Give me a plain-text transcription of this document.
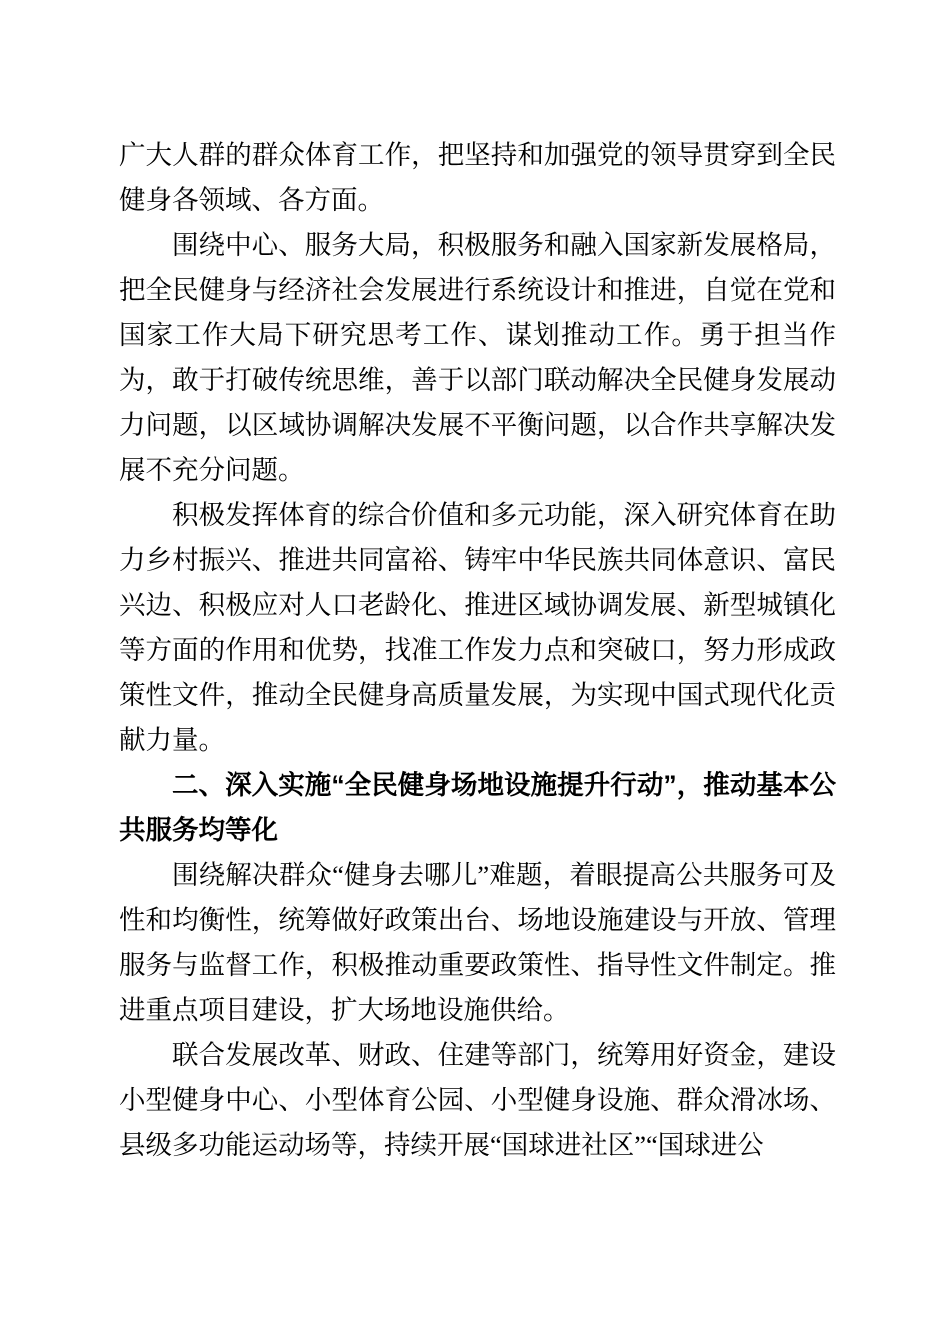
广大人群的群众体育工作，把坚持和加强党的领导贯穿到全民健身各领域、各方面。

围绕中心、服务大局，积极服务和融入国家新发展格局，把全民健身与经济社会发展进行系统设计和推进，自觉在党和国家工作大局下研究思考工作、谋划推动工作。勇于担当作为，敢于打破传统思维，善于以部门联动解决全民健身发展动力问题，以区域协调解决发展不平衡问题，以合作共享解决发展不充分问题。

积极发挥体育的综合价值和多元功能，深入研究体育在助力乡村振兴、推进共同富裕、铸牢中华民族共同体意识、富民兴边、积极应对人口老龄化、推进区域协调发展、新型城镇化等方面的作用和优势，找准工作发力点和突破口，努力形成政策性文件，推动全民健身高质量发展，为实现中国式现代化贡献力量。

二、深入实施“全民健身场地设施提升行动”，推动基本公共服务均等化

围绕解决群众“健身去哪儿”难题，着眼提高公共服务可及性和均衡性，统筹做好政策出台、场地设施建设与开放、管理服务与监督工作，积极推动重要政策性、指导性文件制定。推进重点项目建设，扩大场地设施供给。

联合发展改革、财政、住建等部门，统筹用好资金，建设小型健身中心、小型体育公园、小型健身设施、群众滑冰场、县级多功能运动场等，持续开展“国球进社区”“国球进公
